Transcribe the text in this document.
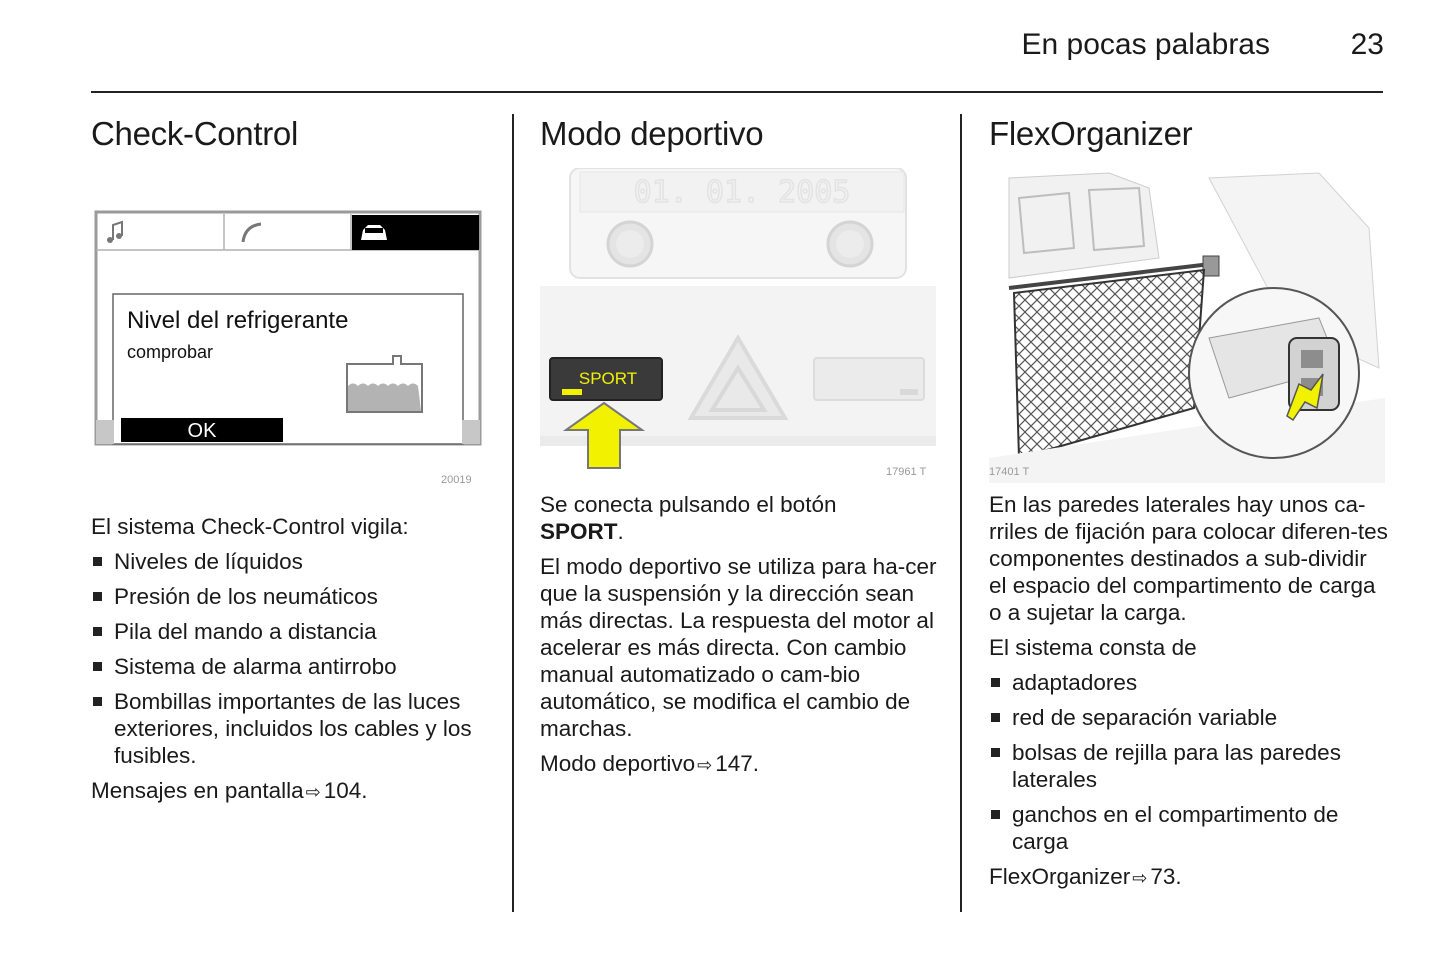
En pocas palabras	23
Check-Control
Nivel del refrigerante
comprobar
OK
20019

El sistema Check-Control vigila:

Niveles de líquidos
Presión de los neumáticos
Pila del mando a distancia
Sistema de alarma antirrobo
Bombillas importantes de las luces exteriores, incluidos los cables y los fusibles.

Mensajes en pantalla ⇨ 104.

Modo deportivo
01. 01. 2005
SPORT
17961 T

Se conecta pulsando el botón
SPORT.

El modo deportivo se utiliza para ha-cer que la suspensión y la dirección sean más directas. La respuesta del motor al acelerar es más directa. Con cambio manual automatizado o cam-bio automático, se modifica el cambio de marchas.

Modo deportivo ⇨ 147.

FlexOrganizer
17401 T

En las paredes laterales hay unos ca-rriles de fijación para colocar diferen-tes componentes destinados a sub-dividir el espacio del compartimento de carga o a sujetar la carga.

El sistema consta de

adaptadores
red de separación variable
bolsas de rejilla para las paredes laterales
ganchos en el compartimento de carga

FlexOrganizer ⇨ 73.
